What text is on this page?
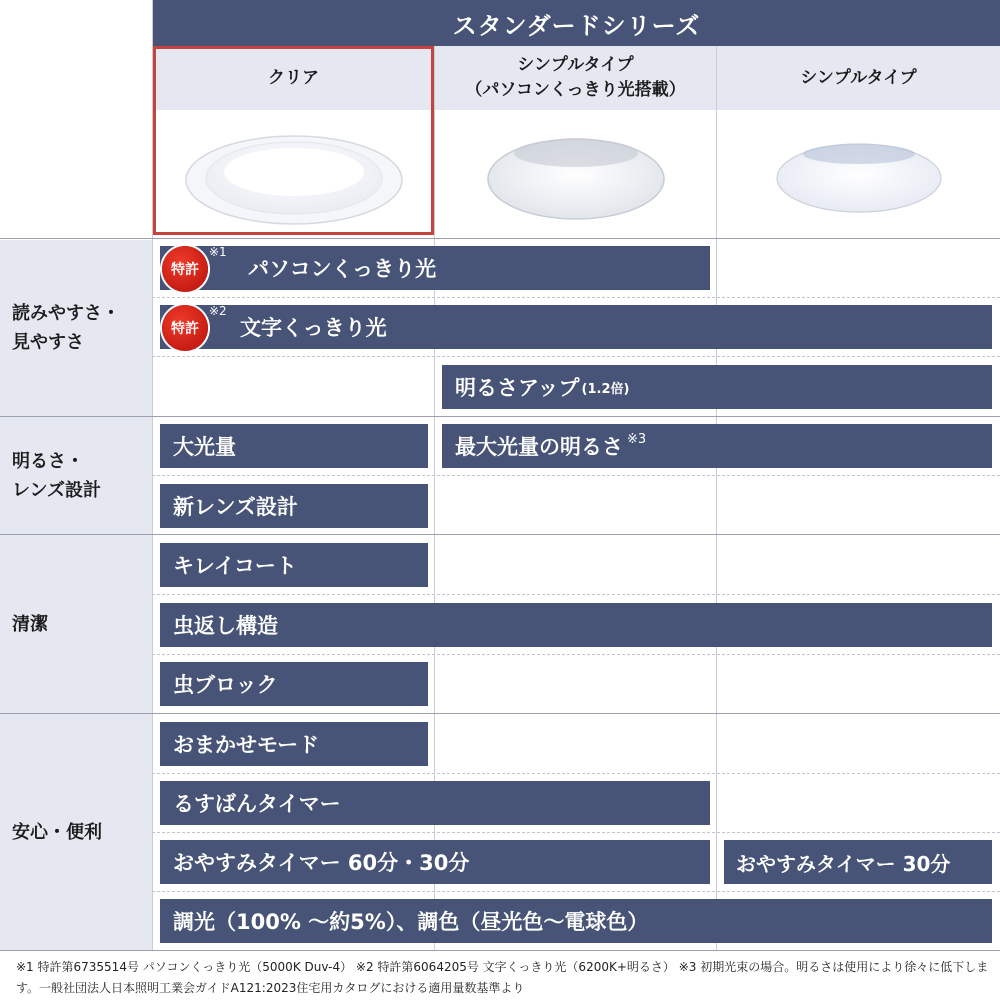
スタンダードシリーズ
クリア
シンプルタイプ
（パソコンくっきり光搭載）
シンプルタイプ
読みやすさ・
見やすさ
明るさ・
レンズ設計
清潔
安心・便利
パソコンくっきり光
特許
※1
文字くっきり光
特許
※2
明るさアップ (1.2倍)
大光量	最大光量の明るさ ※3
新レンズ設計
キレイコート
虫返し構造
虫ブロック
おまかせモード
るすばんタイマー
おやすみタイマー 60分・30分	おやすみタイマー 30分
調光（100% ～約5%）、調色（昼光色～電球色）
※1 特許第6735514号 パソコンくっきり光（5000K Duv-4） ※2 特許第6064205号 文字くっきり光（6200K+明るさ） ※3 初期光束の場合。明るさは使用により徐々に低下します。一般社団法人日本照明工業会ガイドA121:2023住宅用カタログにおける適用量数基準より
